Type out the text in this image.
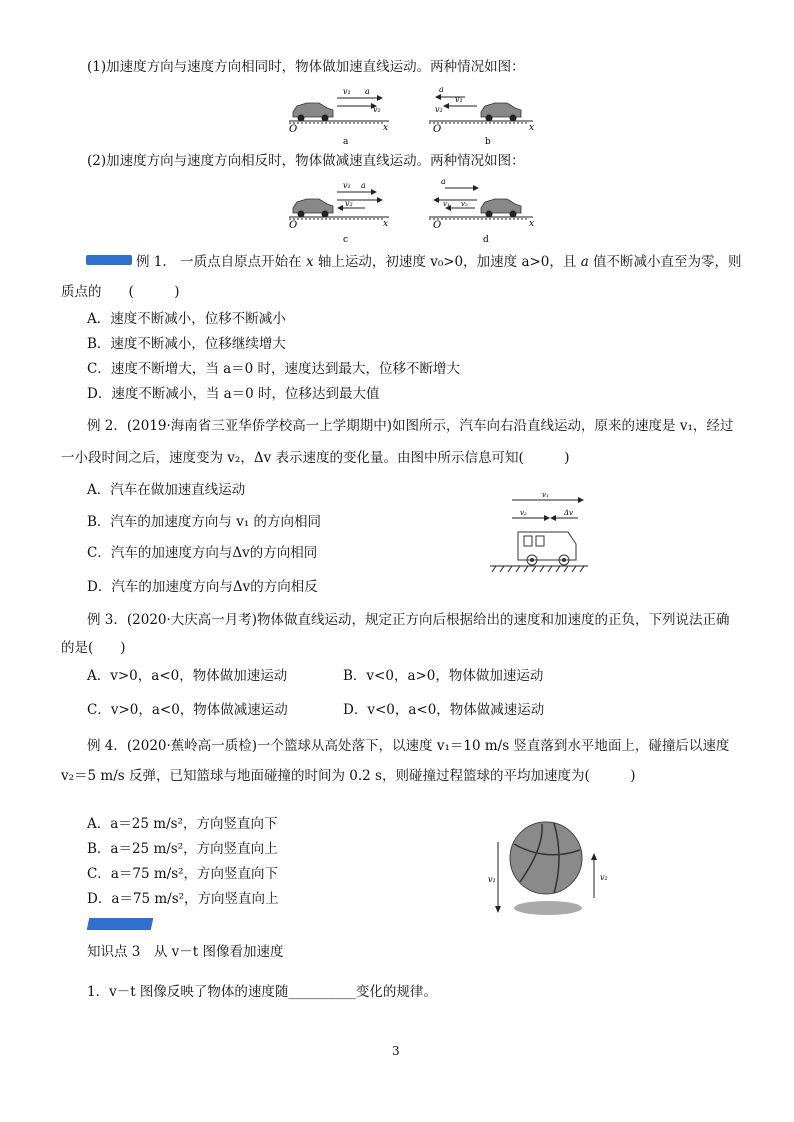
(1)加速度方向与速度方向相同时，物体做加速直线运动。两种情况如图：
v₁ a
v₂
O	x
a
a
v₁
v₂
O	x
b
(2)加速度方向与速度方向相反时，物体做减速直线运动。两种情况如图：
v₁ a
v₂
O	x
c
a
v₁ v₂
O	x
d
例 1.　 一质点自原点开始在 x 轴上运动，初速度 v₀>0，加速度 a>0，且 a 值不断减小直至为零，则
质点的　　(　　　)
A．速度不断减小，位移不断减小
B．速度不断减小，位移继续增大
C．速度不断增大，当 a＝0 时，速度达到最大，位移不断增大
D．速度不断减小，当 a＝0 时，位移达到最大值
例 2．(2019·海南省三亚华侨学校高一上学期期中)如图所示，汽车向右沿直线运动，原来的速度是 v₁，经过
一小段时间之后，速度变为 v₂，Δv 表示速度的变化量。由图中所示信息可知(　　　)
A．汽车在做加速直线运动
B．汽车的加速度方向与 v₁ 的方向相同
C．汽车的加速度方向与Δv的方向相同
D．汽车的加速度方向与Δv的方向相反
v₁
v₂	Δv
例 3．(2020·大庆高一月考)物体做直线运动，规定正方向后根据给出的速度和加速度的正负，下列说法正确
的是(　　)
A．v>0，a<0，物体做加速运动	B．v<0，a>0，物体做加速运动
C．v>0，a<0，物体做减速运动	D．v<0，a<0，物体做减速运动
例 4．(2020·蕉岭高一质检)一个篮球从高处落下，以速度 v₁＝10 m/s 竖直落到水平地面上，碰撞后以速度
v₂＝5 m/s 反弹，已知篮球与地面碰撞的时间为 0.2 s，则碰撞过程篮球的平均加速度为(　　　)
A．a＝25 m/s²，方向竖直向下
B．a＝25 m/s²，方向竖直向上
C．a＝75 m/s²，方向竖直向下
D．a＝75 m/s²，方向竖直向上
v₁	v₂
知识点 3　从 v－t 图像看加速度
1．v－t 图像反映了物体的速度随__________变化的规律。
3
